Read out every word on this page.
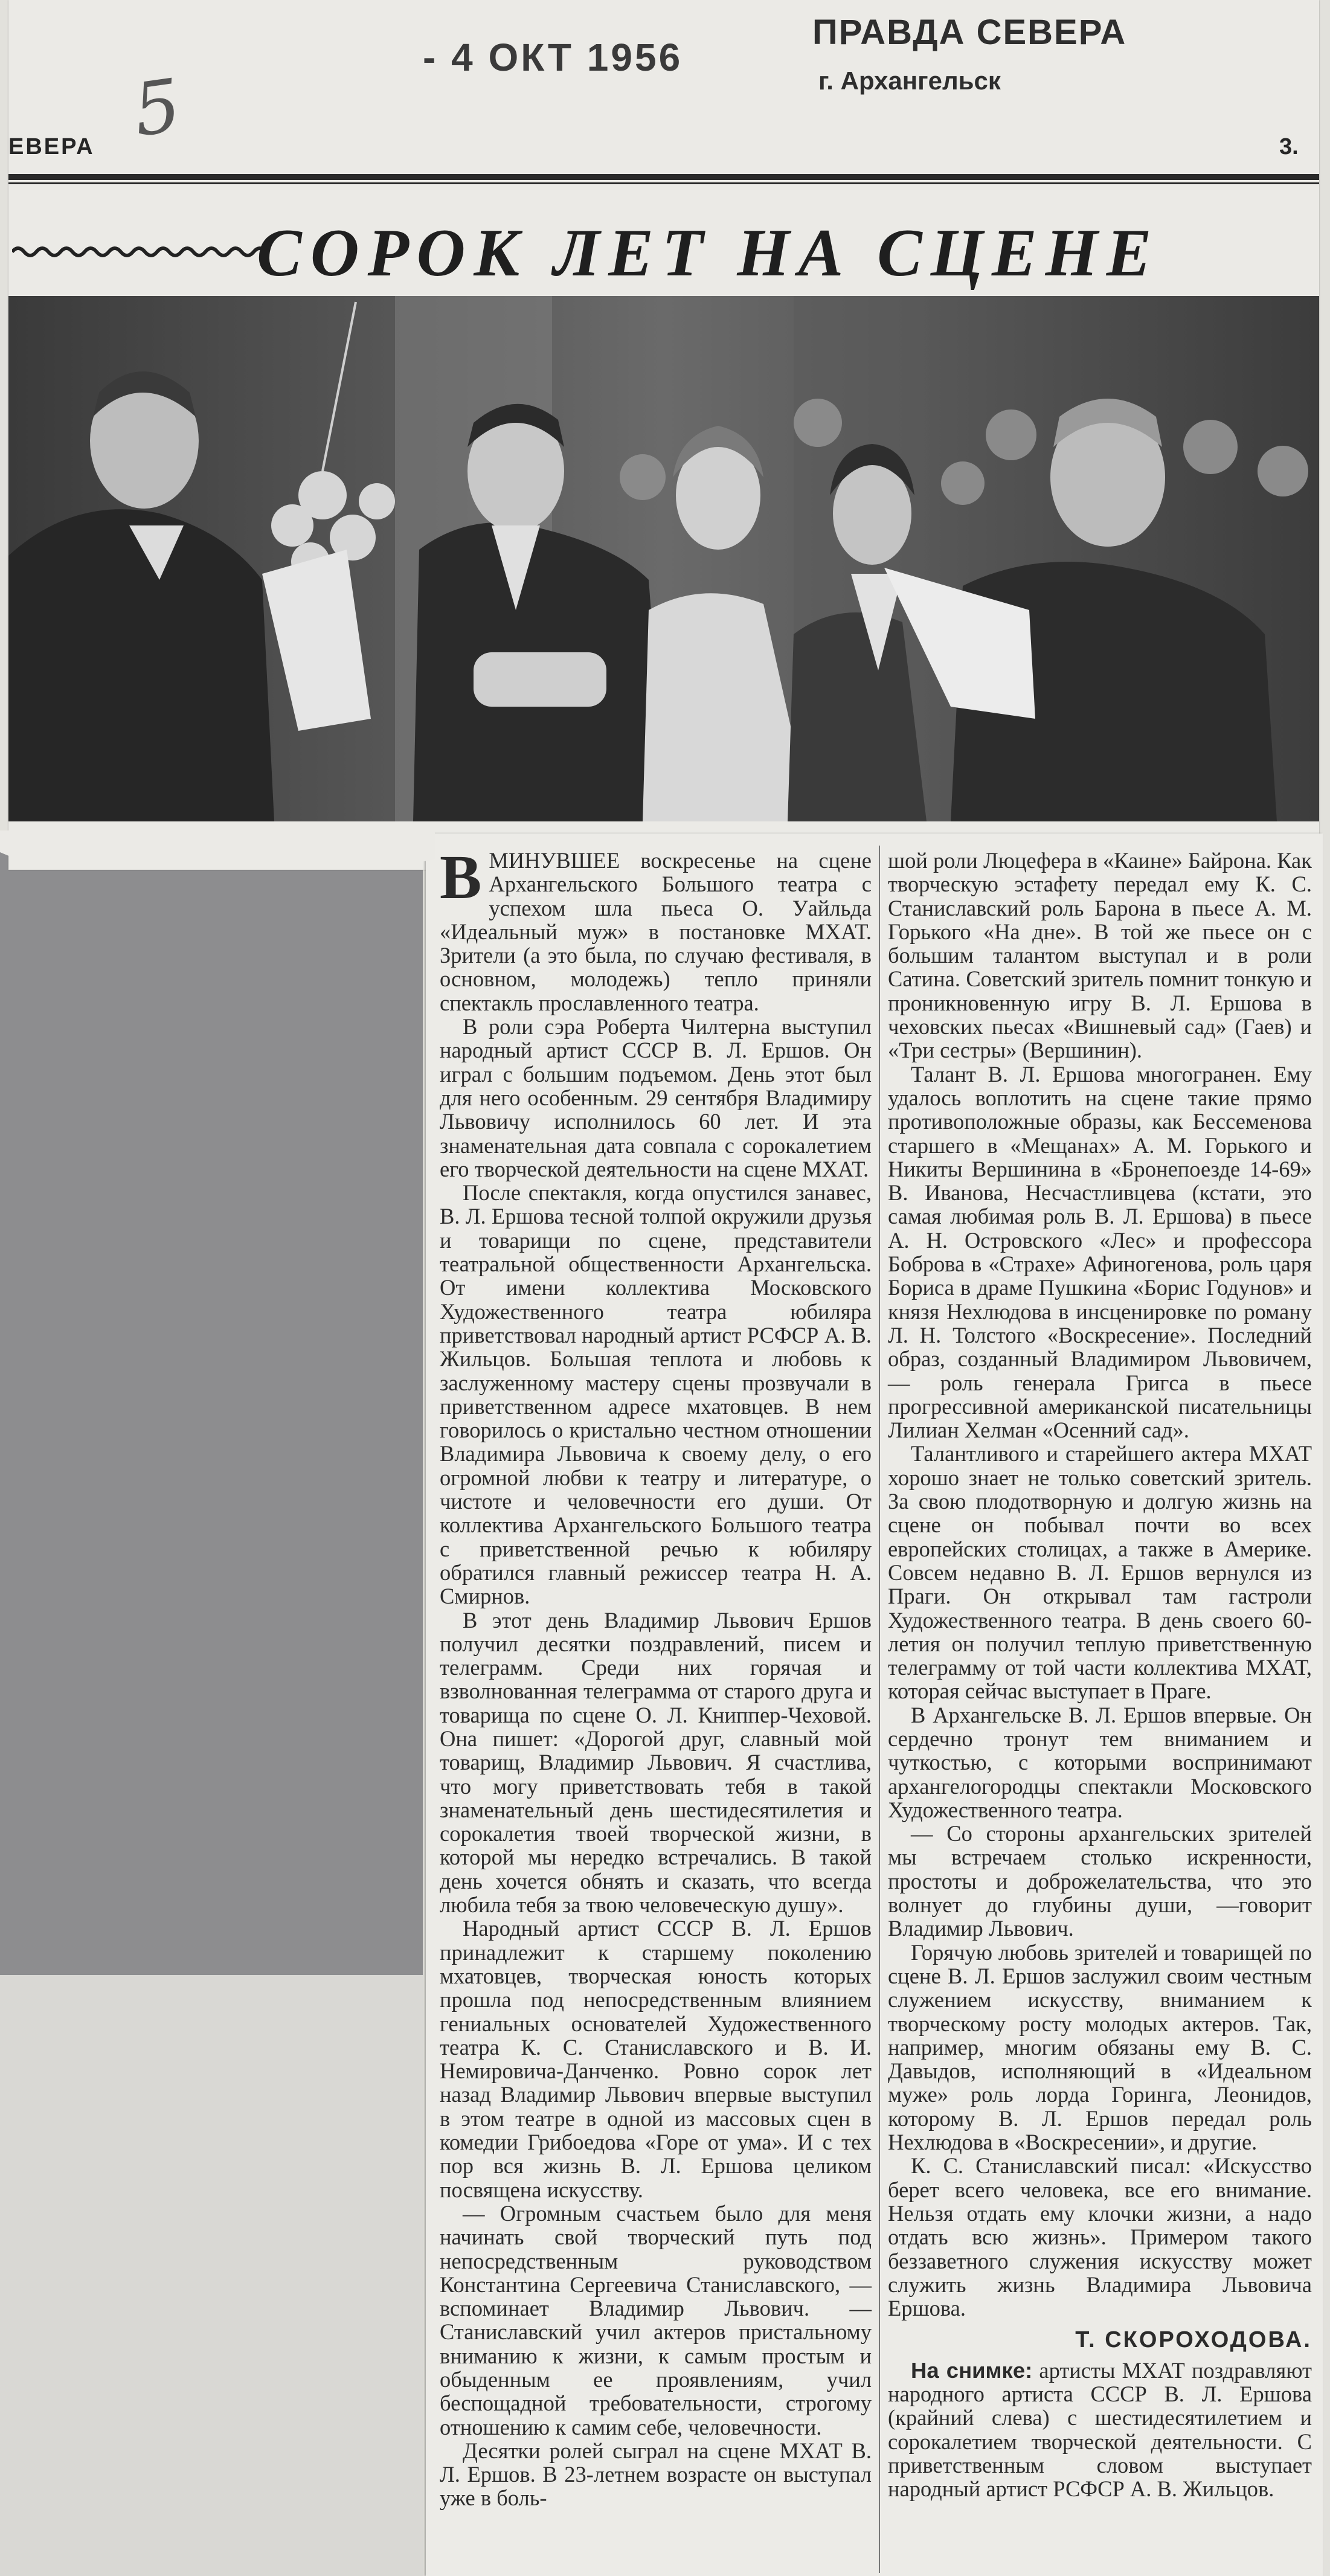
5
- 4 ОКТ 1956
ПРАВДА СЕВЕРА
г. Архангельск
ЕВЕРА	3.
СОРОК ЛЕТ НА СЦЕНЕ

ВМИНУВШЕЕ воскресенье на сцене Архангельского Большого театра с успехом шла пьеса О. Уайльда «Идеальный муж» в постановке МХАТ. Зрители (а это была, по случаю фестиваля, в основном, молодежь) тепло приняли спектакль прославленного театра.

В роли сэра Роберта Чилтерна выступил народный артист СССР В. Л. Ершов. Он играл с большим подъемом. День этот был для него особенным. 29 сентября Владимиру Львовичу исполнилось 60 лет. И эта знаменательная дата совпала с сорокалетием его творческой деятельности на сцене МХАТ.

После спектакля, когда опустился занавес, В. Л. Ершова тесной толпой окружили друзья и товарищи по сцене, представители театральной общественности Архангельска. От имени коллектива Московского Художественного театра юбиляра приветствовал народный артист РСФСР А. В. Жильцов. Большая теплота и любовь к заслуженному мастеру сцены прозвучали в приветственном адресе мхатовцев. В нем говорилось о кристально честном отношении Владимира Львовича к своему делу, о его огромной любви к театру и литературе, о чистоте и человечности его души. От коллектива Архангельского Большого театра с приветственной речью к юбиляру обратился главный режиссер театра Н. А. Смирнов.

В этот день Владимир Львович Ершов получил десятки поздравлений, писем и телеграмм. Среди них горячая и взволнованная телеграмма от старого друга и товарища по сцене О. Л. Книппер-Чеховой. Она пишет: «Дорогой друг, славный мой товарищ, Владимир Львович. Я счастлива, что могу приветствовать тебя в такой знаменательный день шестидесятилетия и сорокалетия твоей творческой жизни, в которой мы нередко встречались. В такой день хочется обнять и сказать, что всегда любила тебя за твою человеческую душу».

Народный артист СССР В. Л. Ершов принадлежит к старшему поколению мхатовцев, творческая юность которых прошла под непосредственным влиянием гениальных основателей Художественного театра К. С. Станиславского и В. И. Немировича-Данченко. Ровно сорок лет назад Владимир Львович впервые выступил в этом театре в одной из массовых сцен в комедии Грибоедова «Горе от ума». И с тех пор вся жизнь В. Л. Ершова целиком посвящена искусству.

— Огромным счастьем было для меня начинать свой творческий путь под непосредственным руководством Константина Сергеевича Станиславского, —вспоминает Владимир Львович. — Станиславский учил актеров пристальному вниманию к жизни, к самым простым и обыденным ее проявлениям, учил беспощадной требовательности, строгому отношению к самим себе, человечности.

Десятки ролей сыграл на сцене МХАТ В. Л. Ершов. В 23-летнем возрасте он выступал уже в боль-

шой роли Люцефера в «Каине» Байрона. Как творческую эстафету передал ему К. С. Станиславский роль Барона в пьесе А. М. Горького «На дне». В той же пьесе он с большим талантом выступал и в роли Сатина. Советский зритель помнит тонкую и проникновенную игру В. Л. Ершова в чеховских пьесах «Вишневый сад» (Гаев) и «Три сестры» (Вершинин).

Талант В. Л. Ершова многогранен. Ему удалось воплотить на сцене такие прямо противоположные образы, как Бессеменова старшего в «Мещанах» А. М. Горького и Никиты Вершинина в «Бронепоезде 14-69» В. Иванова, Несчастливцева (кстати, это самая любимая роль В. Л. Ершова) в пьесе А. Н. Островского «Лес» и профессора Боброва в «Страхе» Афиногенова, роль царя Бориса в драме Пушкина «Борис Годунов» и князя Нехлюдова в инсценировке по роману Л. Н. Толстого «Воскресение». Последний образ, созданный Владимиром Львовичем, — роль генерала Григса в пьесе прогрессивной американской писательницы Лилиан Хелман «Осенний сад».

Талантливого и старейшего актера МХАТ хорошо знает не только советский зритель. За свою плодотворную и долгую жизнь на сцене он побывал почти во всех европейских столицах, а также в Америке. Совсем недавно В. Л. Ершов вернулся из Праги. Он открывал там гастроли Художественного театра. В день своего 60-летия он получил теплую приветственную телеграмму от той части коллектива МХАТ, которая сейчас выступает в Праге.

В Архангельске В. Л. Ершов впервые. Он сердечно тронут тем вниманием и чуткостью, с которыми воспринимают архангелогородцы спектакли Московского Художественного театра.

— Со стороны архангельских зрителей мы встречаем столько искренности, простоты и доброжелательства, что это волнует до глубины души, —говорит Владимир Львович.

Горячую любовь зрителей и товарищей по сцене В. Л. Ершов заслужил своим честным служением искусству, вниманием к творческому росту молодых актеров. Так, например, многим обязаны ему В. С. Давыдов, исполняющий в «Идеальном муже» роль лорда Горинга, Леонидов, которому В. Л. Ершов передал роль Нехлюдова в «Воскресении», и другие.

К. С. Станиславский писал: «Искусство берет всего человека, все его внимание. Нельзя отдать ему клочки жизни, а надо отдать всю жизнь». Примером такого беззаветного служения искусству может служить жизнь Владимира Львовича Ершова.

Т. СКОРОХОДОВА.

На снимке: артисты МХАТ поздравляют народного артиста СССР В. Л. Ершова (крайний слева) с шестидесятилетием и сорокалетием творческой деятельности. С приветственным словом выступает народный артист РСФСР А. В. Жильцов.
